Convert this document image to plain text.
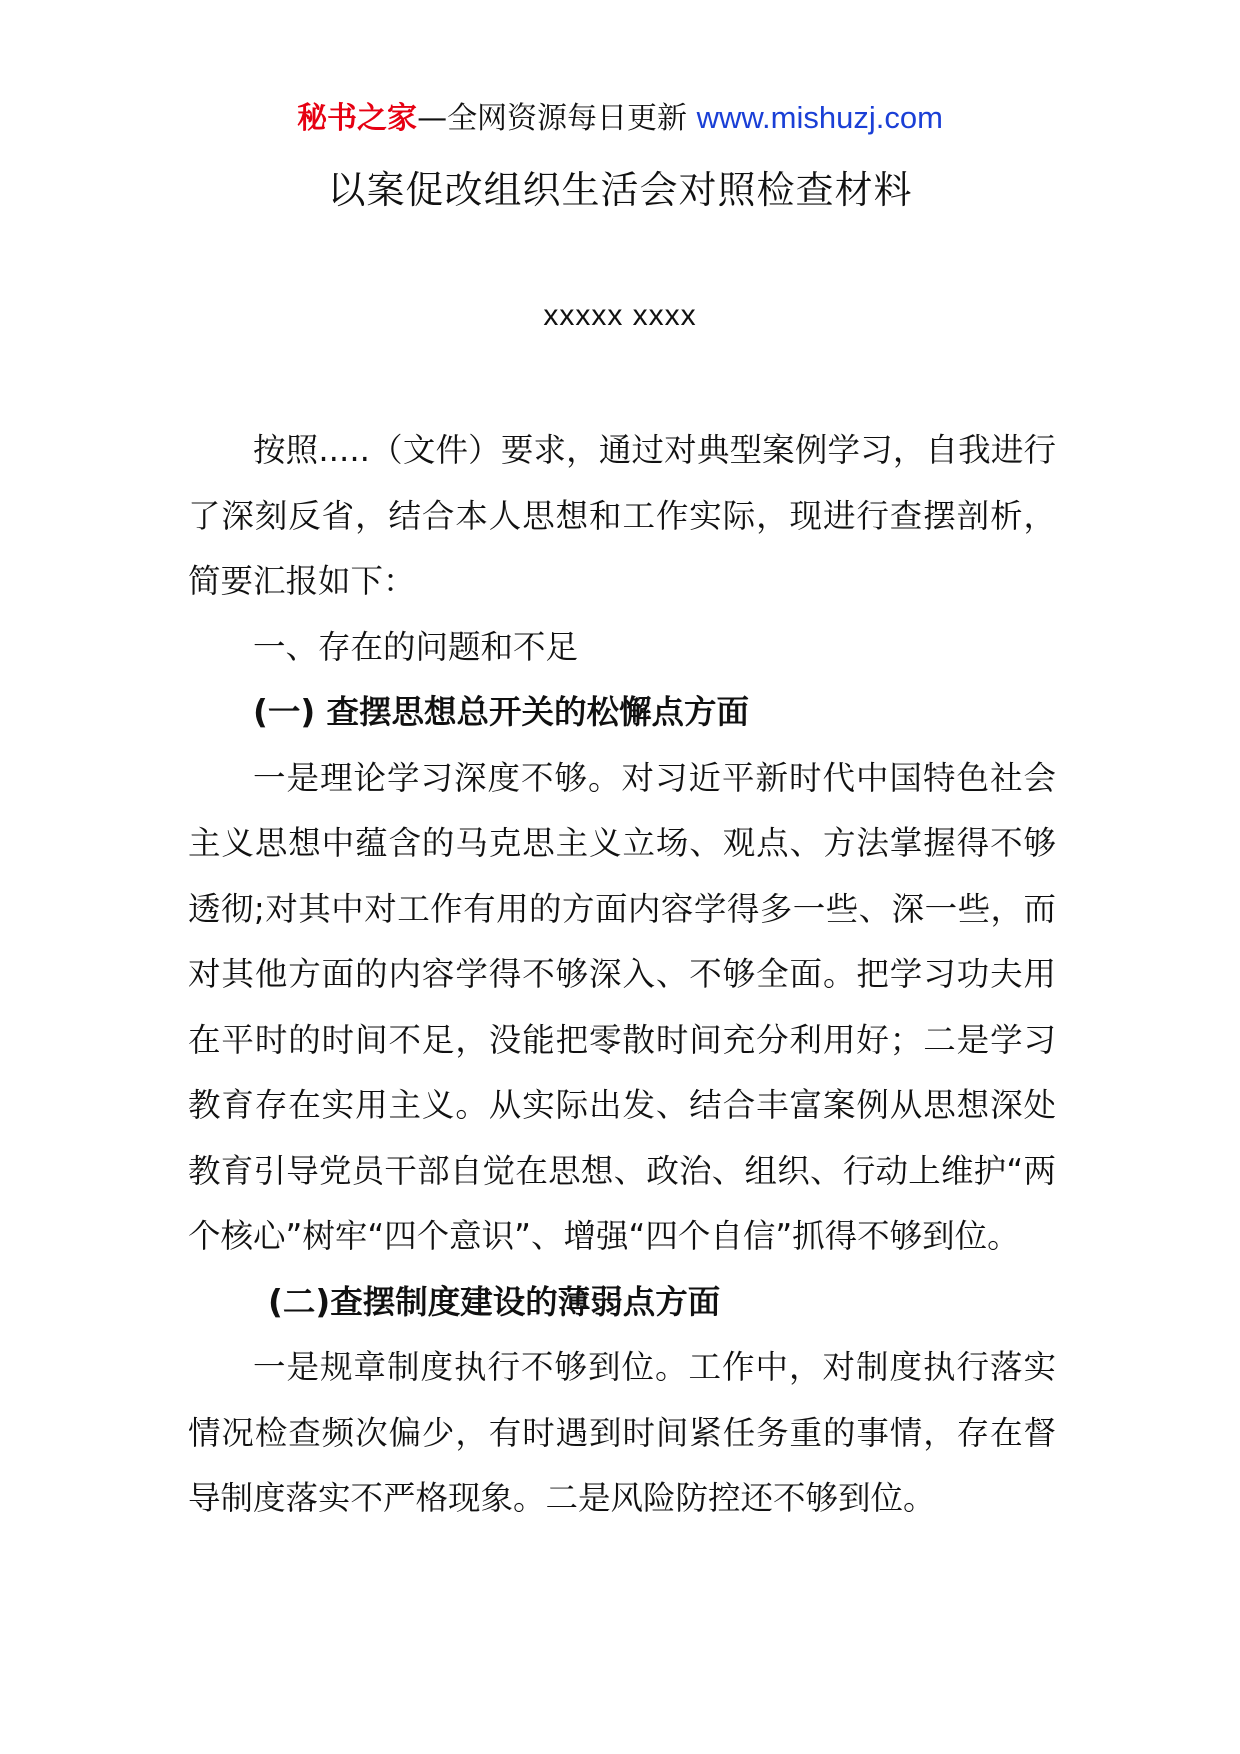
秘书之家—全网资源每日更新 www.mishuzj.com
以案促改组织生活会对照检查材料
xxxxx xxxx

按照.....（文件）要求，通过对典型案例学习，自我进行了深刻反省，结合本人思想和工作实际，现进行查摆剖析，简要汇报如下：

一、存在的问题和不足

(一) 查摆思想总开关的松懈点方面

一是理论学习深度不够。对习近平新时代中国特色社会主义思想中蕴含的马克思主义立场、观点、方法掌握得不够透彻;对其中对工作有用的方面内容学得多一些、深一些，而对其他方面的内容学得不够深入、不够全面。把学习功夫用在平时的时间不足，没能把零散时间充分利用好；二是学习教育存在实用主义。从实际出发、结合丰富案例从思想深处教育引导党员干部自觉在思想、政治、组织、行动上维护“两个核心”树牢“四个意识”、增强“四个自信”抓得不够到位。

(二)查摆制度建设的薄弱点方面

一是规章制度执行不够到位。工作中，对制度执行落实情况检查频次偏少，有时遇到时间紧任务重的事情，存在督导制度落实不严格现象。二是风险防控还不够到位。
